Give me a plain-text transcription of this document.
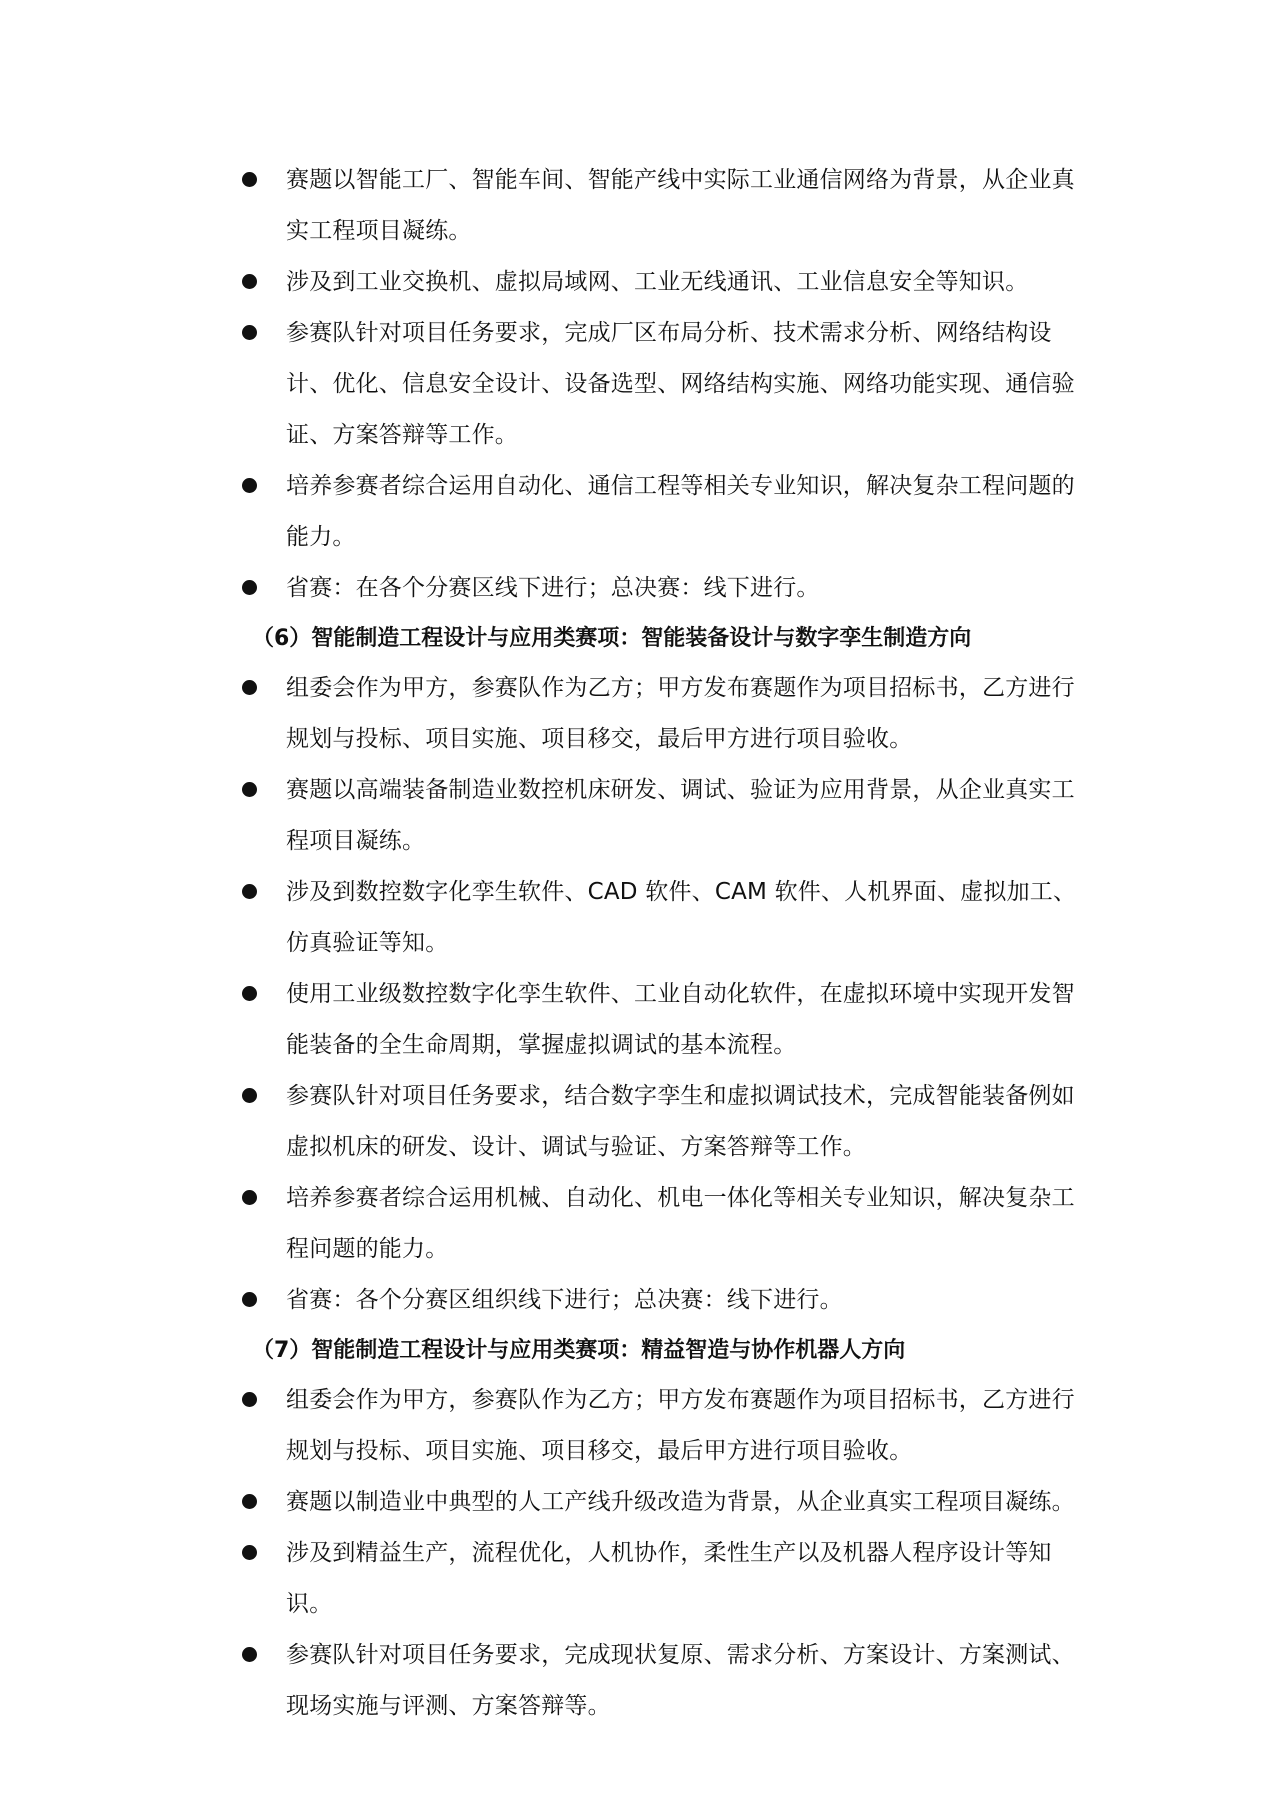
赛题以智能工厂、智能车间、智能产线中实际工业通信网络为背景，从企业真实工程项目凝练。
涉及到工业交换机、虚拟局域网、工业无线通讯、工业信息安全等知识。
参赛队针对项目任务要求，完成厂区布局分析、技术需求分析、网络结构设计、优化、信息安全设计、设备选型、网络结构实施、网络功能实现、通信验证、方案答辩等工作。
培养参赛者综合运用自动化、通信工程等相关专业知识，解决复杂工程问题的能力。
省赛：在各个分赛区线下进行；总决赛：线下进行。
（6）智能制造工程设计与应用类赛项：智能装备设计与数字孪生制造方向
组委会作为甲方，参赛队作为乙方；甲方发布赛题作为项目招标书，乙方进行规划与投标、项目实施、项目移交，最后甲方进行项目验收。
赛题以高端装备制造业数控机床研发、调试、验证为应用背景，从企业真实工程项目凝练。
涉及到数控数字化孪生软件、CAD 软件、CAM 软件、人机界面、虚拟加工、仿真验证等知。
使用工业级数控数字化孪生软件、工业自动化软件，在虚拟环境中实现开发智能装备的全生命周期，掌握虚拟调试的基本流程。
参赛队针对项目任务要求，结合数字孪生和虚拟调试技术，完成智能装备例如虚拟机床的研发、设计、调试与验证、方案答辩等工作。
培养参赛者综合运用机械、自动化、机电一体化等相关专业知识，解决复杂工程问题的能力。
省赛：各个分赛区组织线下进行；总决赛：线下进行。
（7）智能制造工程设计与应用类赛项：精益智造与协作机器人方向
组委会作为甲方，参赛队作为乙方；甲方发布赛题作为项目招标书，乙方进行规划与投标、项目实施、项目移交，最后甲方进行项目验收。
赛题以制造业中典型的人工产线升级改造为背景，从企业真实工程项目凝练。
涉及到精益生产，流程优化，人机协作，柔性生产以及机器人程序设计等知识。
参赛队针对项目任务要求，完成现状复原、需求分析、方案设计、方案测试、现场实施与评测、方案答辩等。
